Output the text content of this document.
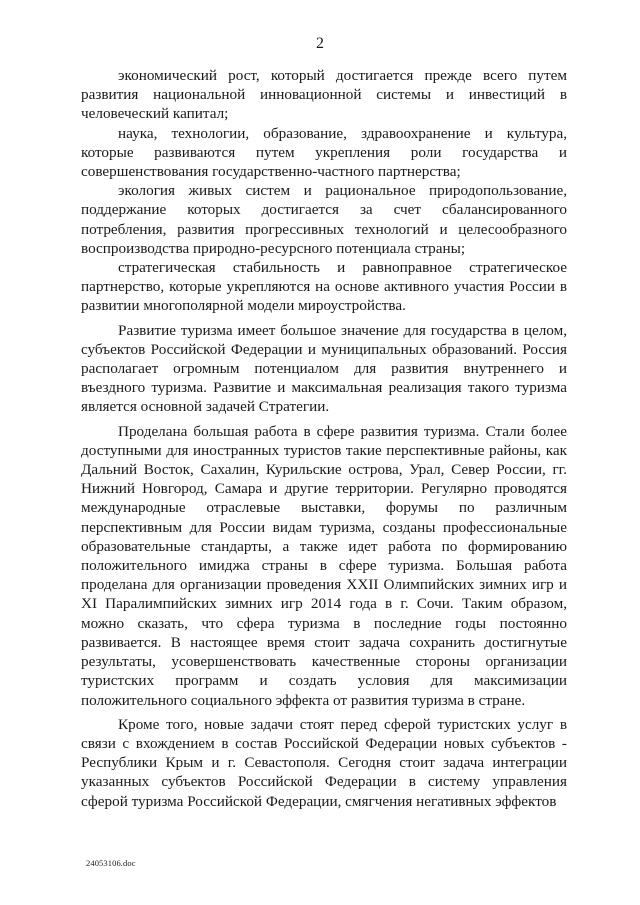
2

экономический рост, который достигается прежде всего путем развития национальной инновационной системы и инвестиций в человеческий капитал;

наука, технологии, образование, здравоохранение и культура, которые развиваются путем укрепления роли государства и совершенствования государственно-частного партнерства;

экология живых систем и рациональное природопользование, поддержание которых достигается за счет сбалансированного потребления, развития прогрессивных технологий и целесообразного воспроизводства природно-ресурсного потенциала страны;

стратегическая стабильность и равноправное стратегическое партнерство, которые укрепляются на основе активного участия России в развитии многополярной модели мироустройства.

Развитие туризма имеет большое значение для государства в целом, субъектов Российской Федерации и муниципальных образований. Россия располагает огромным потенциалом для развития внутреннего и въездного туризма. Развитие и максимальная реализация такого туризма является основной задачей Стратегии.

Проделана большая работа в сфере развития туризма. Стали более доступными для иностранных туристов такие перспективные районы, как Дальний Восток, Сахалин, Курильские острова, Урал, Север России, гг. Нижний Новгород, Самара и другие территории. Регулярно проводятся международные отраслевые выставки, форумы по различным перспективным для России видам туризма, созданы профессиональные образовательные стандарты, а также идет работа по формированию положительного имиджа страны в сфере туризма. Большая работа проделана для организации проведения XXII Олимпийских зимних игр и XI Паралимпийских зимних игр 2014 года в г. Сочи. Таким образом, можно сказать, что сфера туризма в последние годы постоянно развивается. В настоящее время стоит задача сохранить достигнутые результаты, усовершенствовать качественные стороны организации туристских программ и создать условия для максимизации положительного социального эффекта от развития туризма в стране.

Кроме того, новые задачи стоят перед сферой туристских услуг в связи с вхождением в состав Российской Федерации новых субъектов - Республики Крым и г. Севастополя. Сегодня стоит задача интеграции указанных субъектов Российской Федерации в систему управления сферой туризма Российской Федерации, смягчения негативных эффектов

24053106.doc
